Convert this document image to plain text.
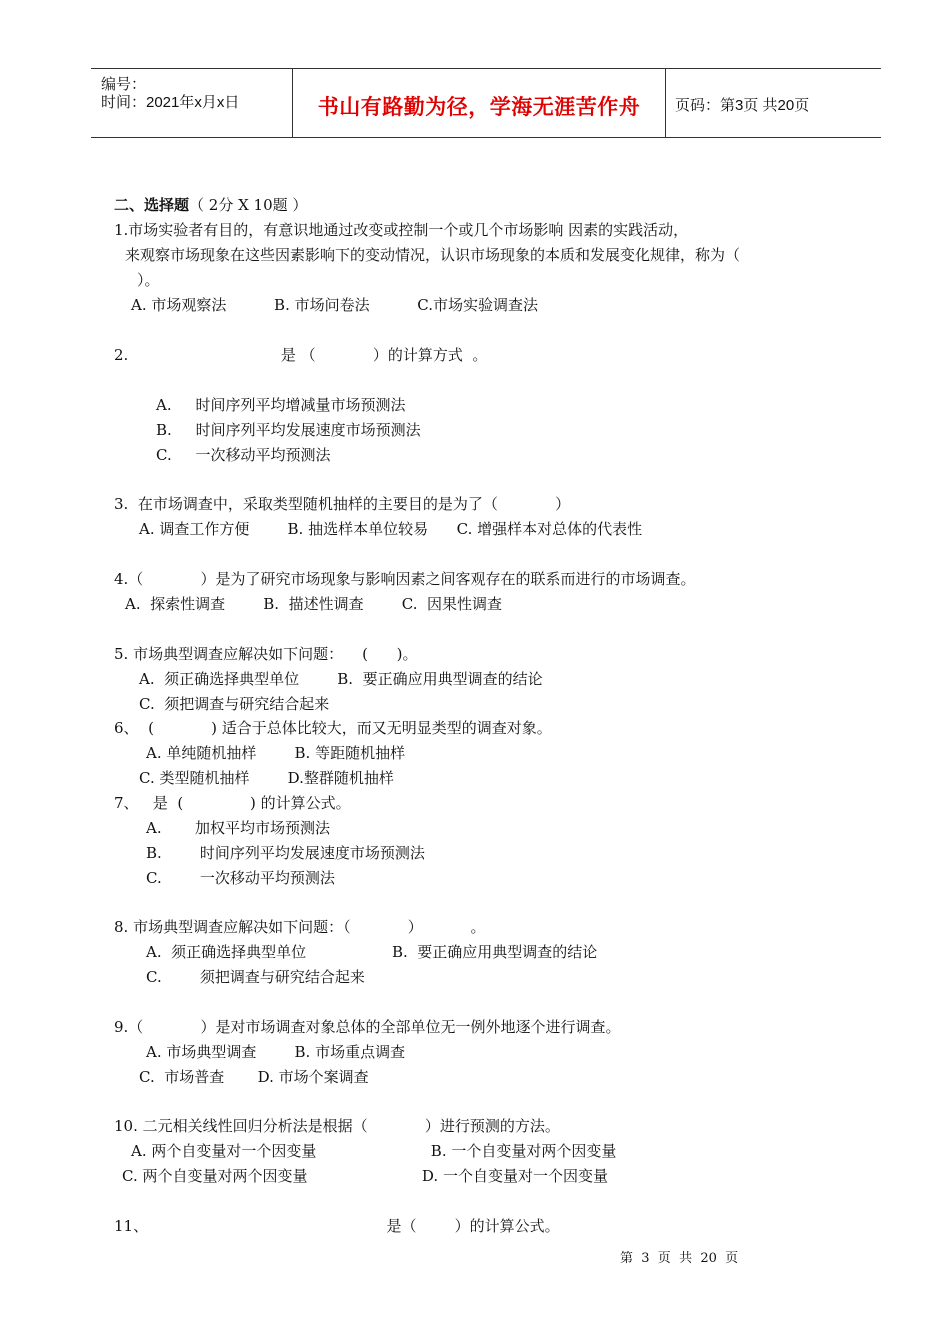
编号：
时间：2021年x月x日	书山有路勤为径，学海无涯苦作舟	页码：第3页 共20页
二、选择题（ 2分 X 10题 ）
1.市场实验者有目的，有意识地通过改变或控制一个或几个市场影响 因素的实践活动，
来观察市场现象在这些因素影响下的变动情况，认识市场现象的本质和发展变化规律，称为（
）。
A. 市场观察法          B. 市场问卷法          C.市场实验调查法
2.                                是 （            ）的计算方式  。
A.     时间序列平均增减量市场预测法
B.     时间序列平均发展速度市场预测法
C.     一次移动平均预测法
3.  在市场调查中，采取类型随机抽样的主要目的是为了（            ）
A. 调查工作方便        B. 抽选样本单位较易      C. 增强样本对总体的代表性
4.（            ）是为了研究市场现象与影响因素之间客观存在的联系而进行的市场调查。
A.  探索性调查        B.  描述性调查        C.  因果性调查
5. 市场典型调查应解决如下问题：    (      )。
A.  须正确选择典型单位        B.  要正确应用典型调查的结论
C.  须把调查与研究结合起来
6、  (            ) 适合于总体比较大，而又无明显类型的调查对象。
A. 单纯随机抽样        B. 等距随机抽样
C. 类型随机抽样        D.整群随机抽样
7、   是  (              ) 的计算公式。
A.       加权平均市场预测法
B.        时间序列平均发展速度市场预测法
C.        一次移动平均预测法
8. 市场典型调查应解决如下问题：（            ）          。
A.  须正确选择典型单位                  B.  要正确应用典型调查的结论
C.        须把调查与研究结合起来
9.（            ）是对市场调查对象总体的全部单位无一例外地逐个进行调查。
A. 市场典型调查        B. 市场重点调查
C.  市场普查       D. 市场个案调查
10. 二元相关线性回归分析法是根据（            ）进行预测的方法。
A. 两个自变量对一个因变量                        B. 一个自变量对两个因变量
C. 两个自变量对两个因变量                        D. 一个自变量对一个因变量
11、                                                  是（        ）的计算公式。
第  3  页  共  20  页
